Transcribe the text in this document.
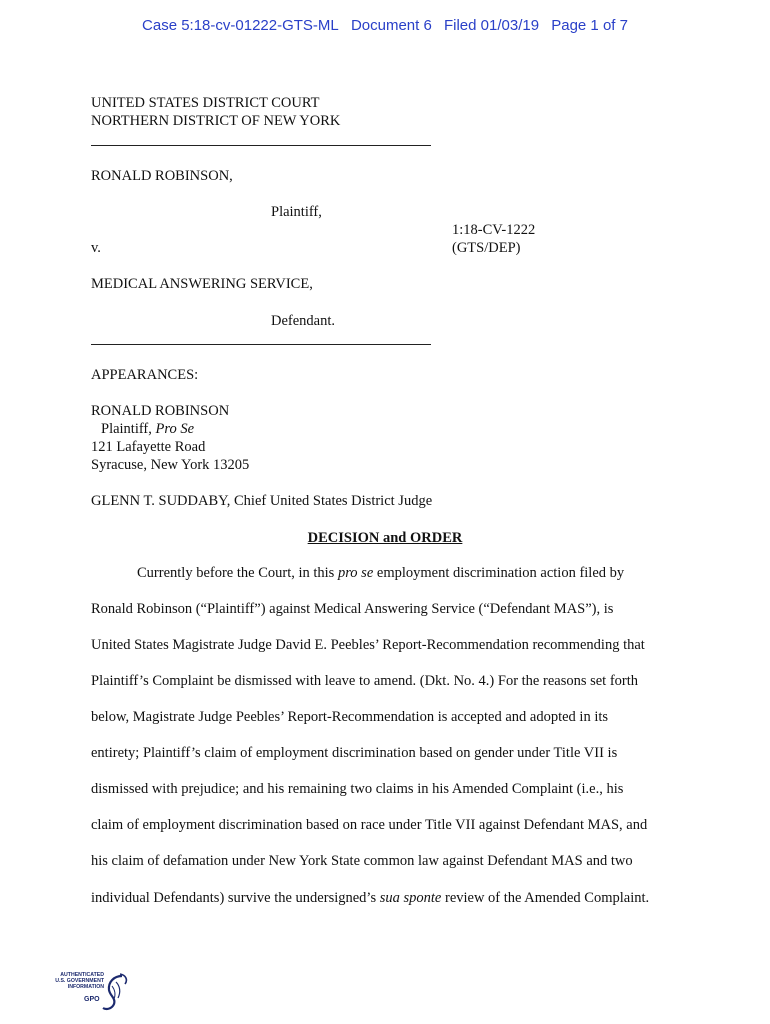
Case 5:18-cv-01222-GTS-ML Document 6 Filed 01/03/19 Page 1 of 7
UNITED STATES DISTRICT COURT
NORTHERN DISTRICT OF NEW YORK
RONALD ROBINSON,
Plaintiff,
1:18-CV-1222
(GTS/DEP)
v.
MEDICAL ANSWERING SERVICE,
Defendant.
APPEARANCES:
RONALD ROBINSON
Plaintiff, Pro Se
121 Lafayette Road
Syracuse, New York 13205
GLENN T. SUDDABY, Chief United States District Judge
DECISION and ORDER
Currently before the Court, in this pro se employment discrimination action filed by
Ronald Robinson (“Plaintiff”) against Medical Answering Service (“Defendant MAS”), is
United States Magistrate Judge David E. Peebles’ Report-Recommendation recommending that
Plaintiff’s Complaint be dismissed with leave to amend. (Dkt. No. 4.) For the reasons set forth
below, Magistrate Judge Peebles’ Report-Recommendation is accepted and adopted in its
entirety; Plaintiff’s claim of employment discrimination based on gender under Title VII is
dismissed with prejudice; and his remaining two claims in his Amended Complaint (i.e., his
claim of employment discrimination based on race under Title VII against Defendant MAS, and
his claim of defamation under New York State common law against Defendant MAS and two
individual Defendants) survive the undersigned’s sua sponte review of the Amended Complaint.
AUTHENTICATED
U.S. GOVERNMENT
INFORMATION
GPO
